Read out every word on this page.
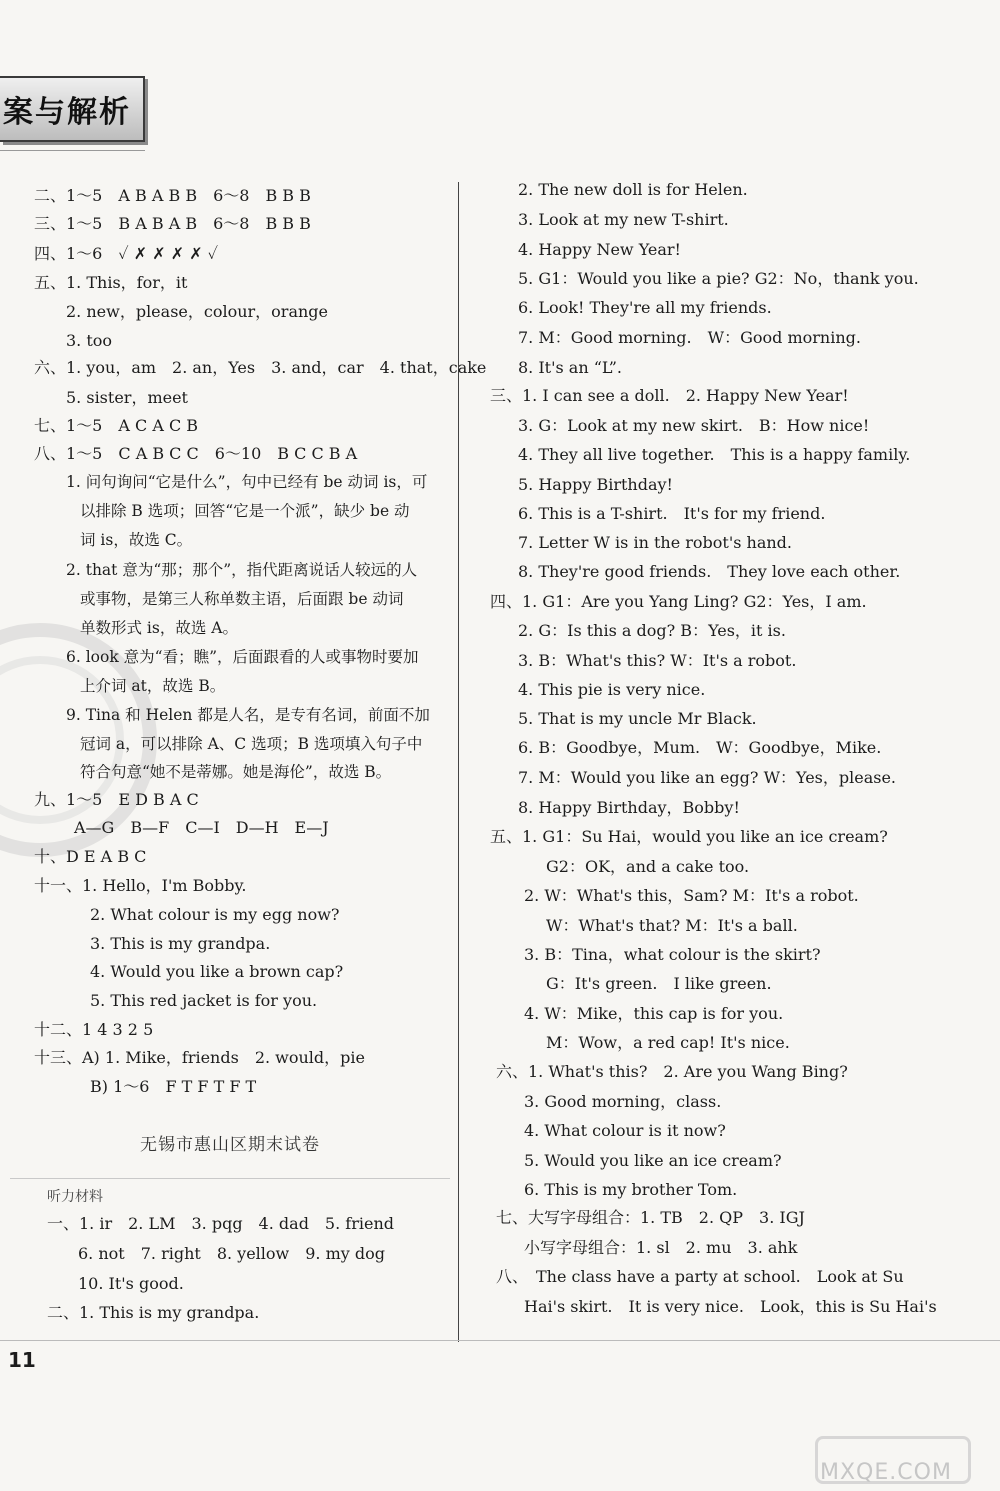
案与解析
二、1～5　A B A B B　6～8　B B B
三、1～5　B A B A B　6～8　B B B
四、1～6　✓ ✗ ✗ ✗ ✗ ✓
五、1. This，for，it
2. new，please，colour，orange
3. too
六、1. you，am　2. an，Yes　3. and，car　4. that，cake
5. sister，meet
七、1～5　A C A C B
八、1～5　C A B C C　6～10　B C C B A
1. 问句询问“它是什么”，句中已经有 be 动词 is，可
以排除 B 选项；回答“它是一个派”，缺少 be 动
词 is，故选 C。
2. that 意为“那；那个”，指代距离说话人较远的人
或事物，是第三人称单数主语，后面跟 be 动词
单数形式 is，故选 A。
6. look 意为“看；瞧”，后面跟看的人或事物时要加
上介词 at，故选 B。
9. Tina 和 Helen 都是人名，是专有名词，前面不加
冠词 a，可以排除 A、C 选项；B 选项填入句子中
符合句意“她不是蒂娜。她是海伦”，故选 B。
九、1～5　E D B A C
A—G　B—F　C—I　D—H　E—J
十、D E A B C
十一、1. Hello，I'm Bobby.
2. What colour is my egg now?
3. This is my grandpa.
4. Would you like a brown cap?
5. This red jacket is for you.
十二、1 4 3 2 5
十三、A) 1. Mike，friends　2. would，pie
B) 1～6　F T F T F T
无锡市惠山区期末试卷
听力材料
一、1. ir　2. LM　3. pqg　4. dad　5. friend
6. not　7. right　8. yellow　9. my dog
10. It's good.
二、1. This is my grandpa.
2. The new doll is for Helen.
3. Look at my new T-shirt.
4. Happy New Year!
5. G1：Would you like a pie? G2：No，thank you.
6. Look! They're all my friends.
7. M：Good morning.　W：Good morning.
8. It's an “L”.
三、1. I can see a doll.　2. Happy New Year!
3. G：Look at my new skirt.　B：How nice!
4. They all live together.　This is a happy family.
5. Happy Birthday!
6. This is a T-shirt.　It's for my friend.
7. Letter W is in the robot's hand.
8. They're good friends.　They love each other.
四、1. G1：Are you Yang Ling? G2：Yes，I am.
2. G：Is this a dog? B：Yes，it is.
3. B：What's this? W：It's a robot.
4. This pie is very nice.
5. That is my uncle Mr Black.
6. B：Goodbye，Mum.　W：Goodbye，Mike.
7. M：Would you like an egg? W：Yes，please.
8. Happy Birthday，Bobby!
五、1. G1：Su Hai，would you like an ice cream?
G2：OK，and a cake too.
2. W：What's this，Sam? M：It's a robot.
W：What's that? M：It's a ball.
3. B：Tina，what colour is the skirt?
G：It's green.　I like green.
4. W：Mike，this cap is for you.
M：Wow，a red cap! It's nice.
六、1. What's this?　2. Are you Wang Bing?
3. Good morning，class.
4. What colour is it now?
5. Would you like an ice cream?
6. This is my brother Tom.
七、大写字母组合：1. TB　2. QP　3. IGJ
小写字母组合：1. sl　2. mu　3. ahk
八、　The class have a party at school.　Look at Su
Hai's skirt.　It is very nice.　Look，this is Su Hai's
11
MXQE.COM
